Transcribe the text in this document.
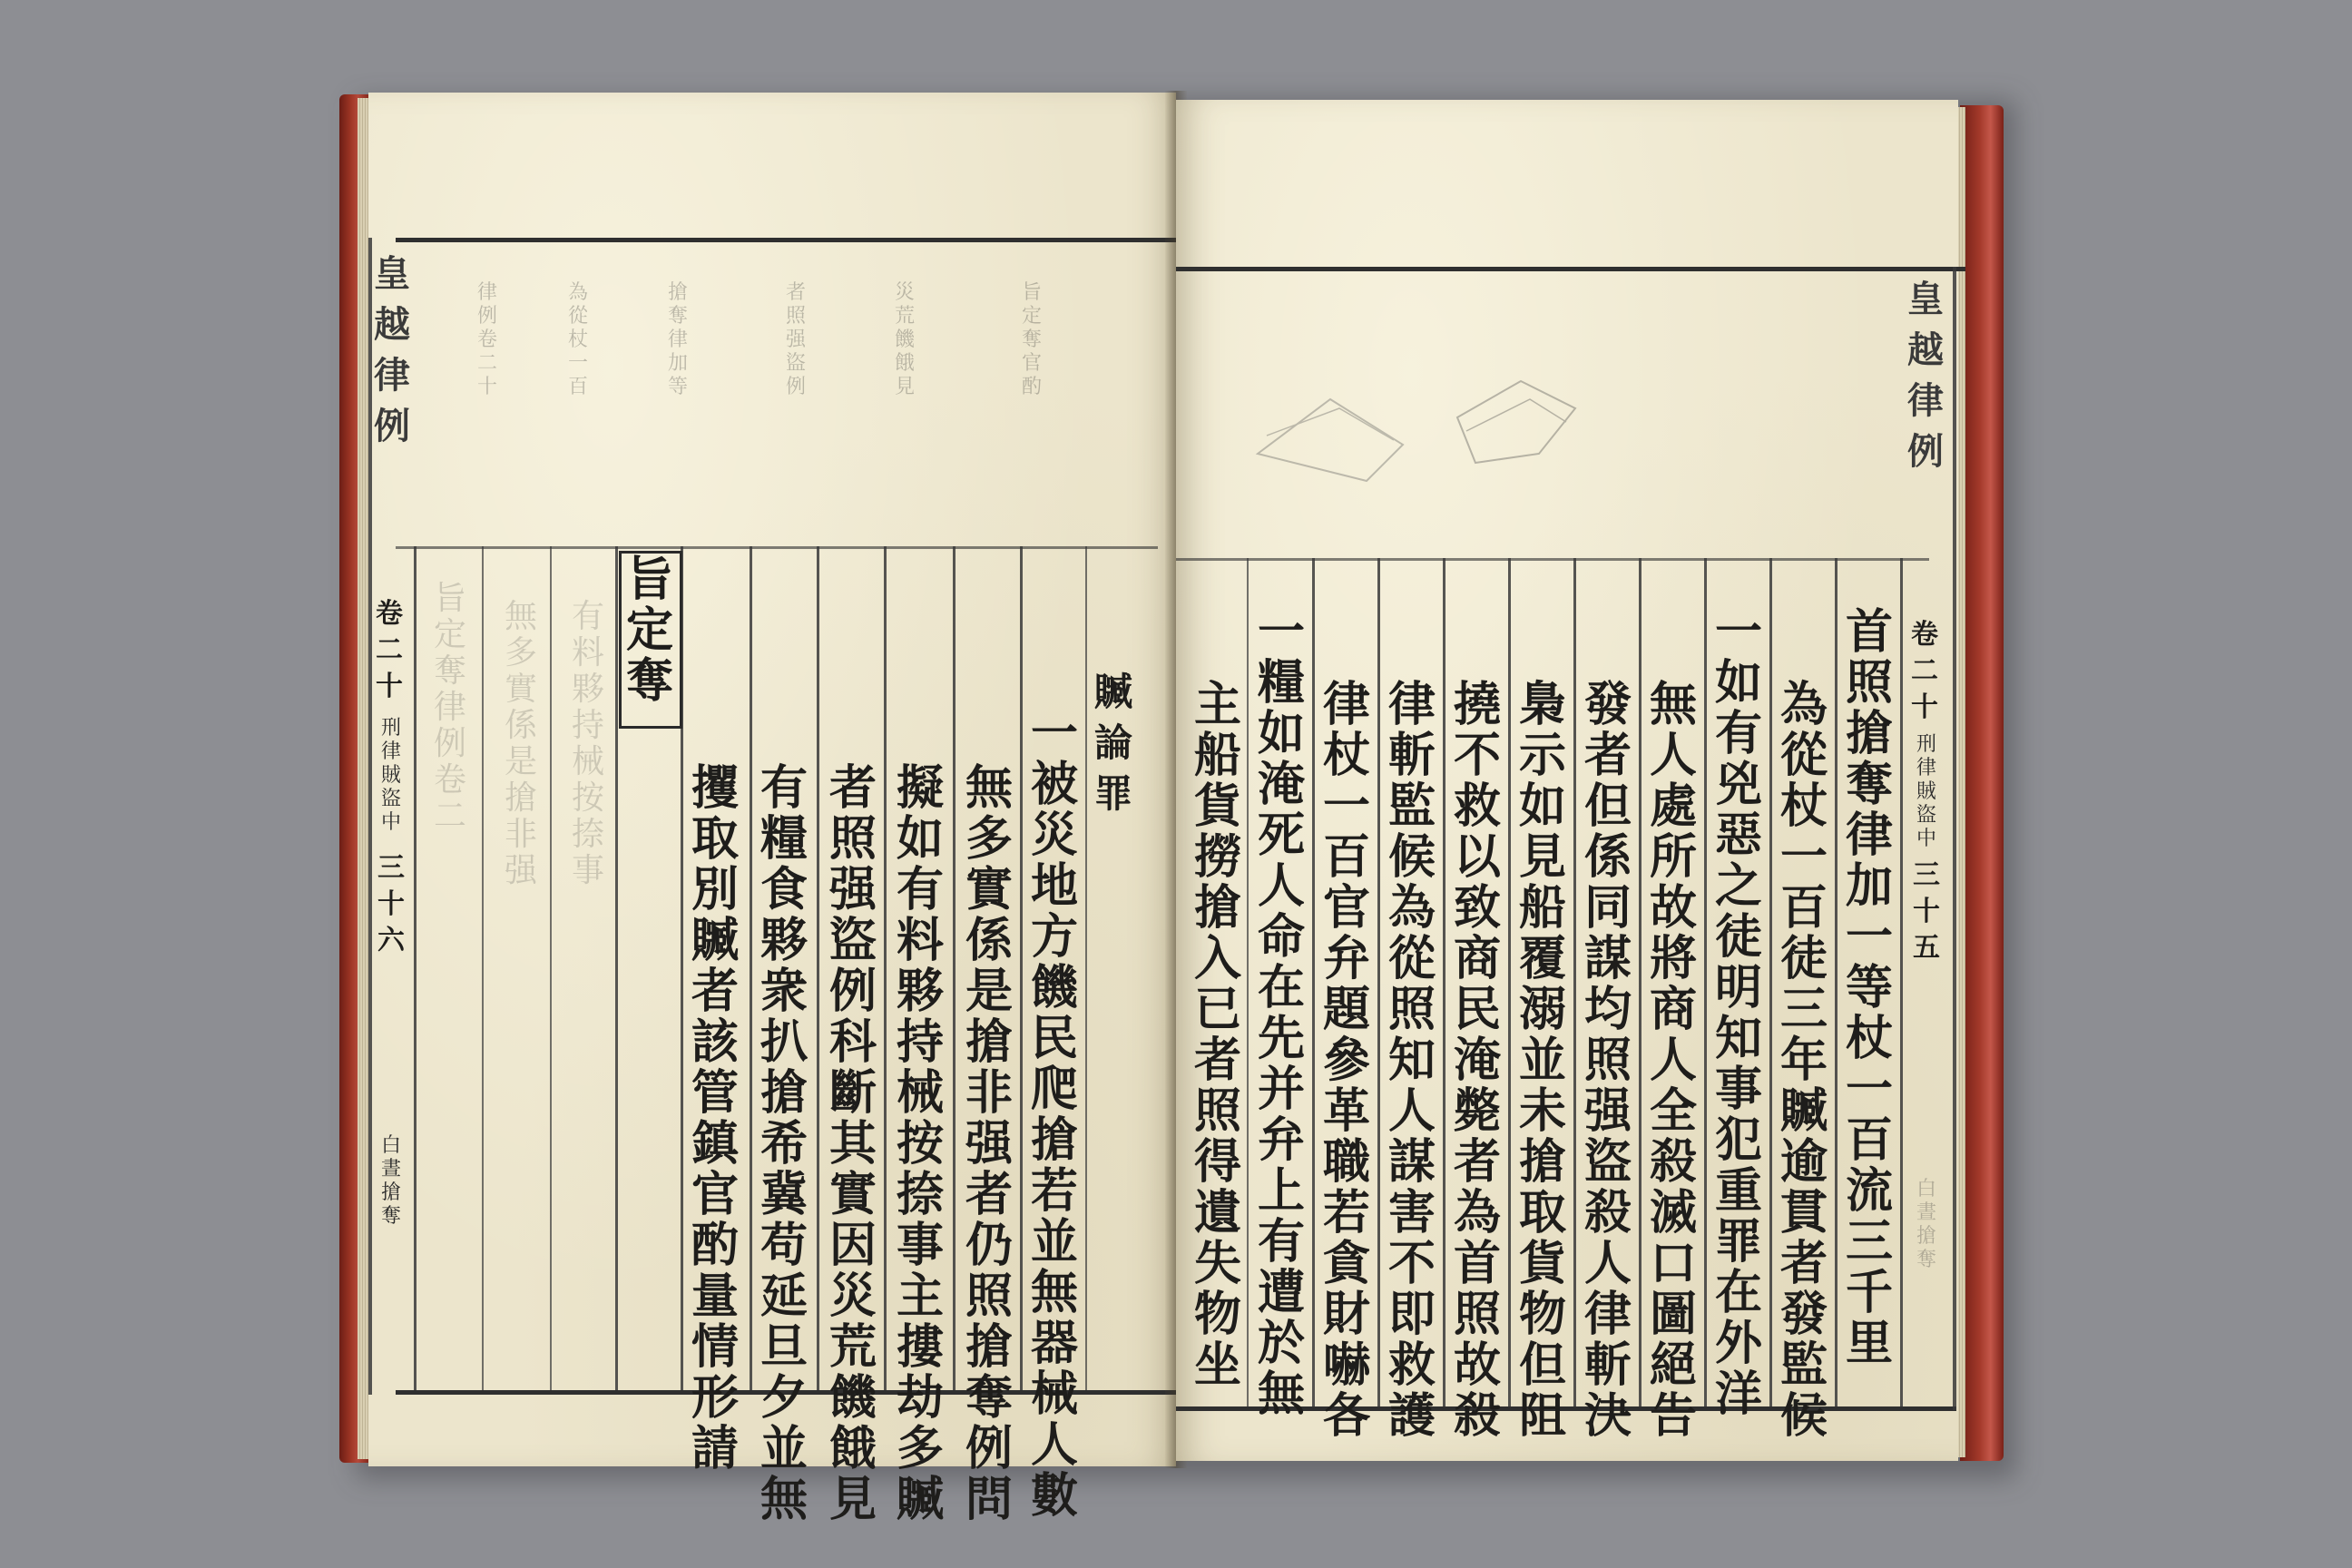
律
例
卷
二
十
為
從
杖
一
百
搶
奪
律
加
等
者
照
强
盜
例
災
荒
饑
餓
見
旨
定
奪
官
酌
皇
越
律
例
卷
二
十
刑
律
賊
盜
中
三
十
六
白
晝
搶
奪
旨
定
奪
律
例
卷
二
無
多
實
係
是
搶
非
强
有
料
夥
持
械
按
捺
事
一
被
災
地
方
饑
民
爬
搶
若
並
無
器
械
人
數
無
多
實
係
是
搶
非
强
者
仍
照
搶
奪
例
問
擬
如
有
料
夥
持
械
按
捺
事
主
摟
劫
多
贓
者
照
强
盜
例
科
斷
其
實
因
災
荒
饑
餓
見
有
糧
食
夥
衆
扒
搶
希
冀
苟
延
旦
夕
並
無
攫
取
別
贓
者
該
管
鎮
官
酌
量
情
形
請
旨
定
奪	贓
論
罪
皇
越
律
例
卷
二
十
刑
律
賊
盜
中
三
十
五
白
晝
搶
奪
首
照
搶
奪
律
加
一
等
杖
一
百
流
三
千
里
為
從
杖
一
百
徒
三
年
贓
逾
貫
者
發
監
候
一
如
有
兇
惡
之
徒
明
知
事
犯
重
罪
在
外
洋
無
人
處
所
故
將
商
人
全
殺
滅
口
圖
絕
告
發
者
但
係
同
謀
均
照
强
盜
殺
人
律
斬
決
梟
示
如
見
船
覆
溺
並
未
搶
取
貨
物
但
阻
撓
不
救
以
致
商
民
淹
斃
者
為
首
照
故
殺
律
斬
監
候
為
從
照
知
人
謀
害
不
即
救
護
律
杖
一
百
官
弁
題
參
革
職
若
貪
財
嚇
各
一
糧
如
淹
死
人
命
在
先
并
弁
上
有
遭
於
無
主
船
貨
撈
搶
入
已
者
照
得
遺
失
物
坐
